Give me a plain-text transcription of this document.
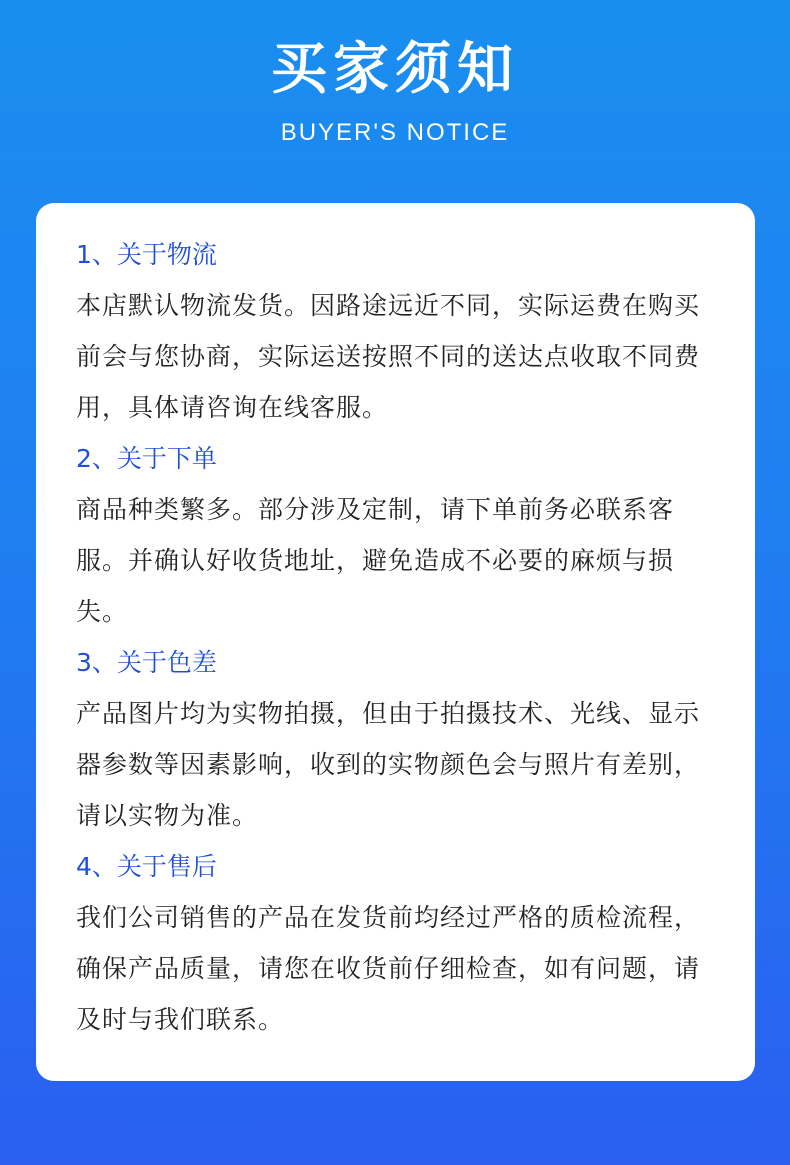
买家须知
BUYER'S NOTICE

1、关于物流

本店默认物流发货。因路途远近不同，实际运费在购买前会与您协商，实际运送按照不同的送达点收取不同费用，具体请咨询在线客服。

2、关于下单

商品种类繁多。部分涉及定制，请下单前务必联系客服。并确认好收货地址，避免造成不必要的麻烦与损失。

3、关于色差

产品图片均为实物拍摄，但由于拍摄技术、光线、显示器参数等因素影响，收到的实物颜色会与照片有差别，请以实物为准。

4、关于售后

我们公司销售的产品在发货前均经过严格的质检流程，确保产品质量，请您在收货前仔细检查，如有问题，请及时与我们联系。
